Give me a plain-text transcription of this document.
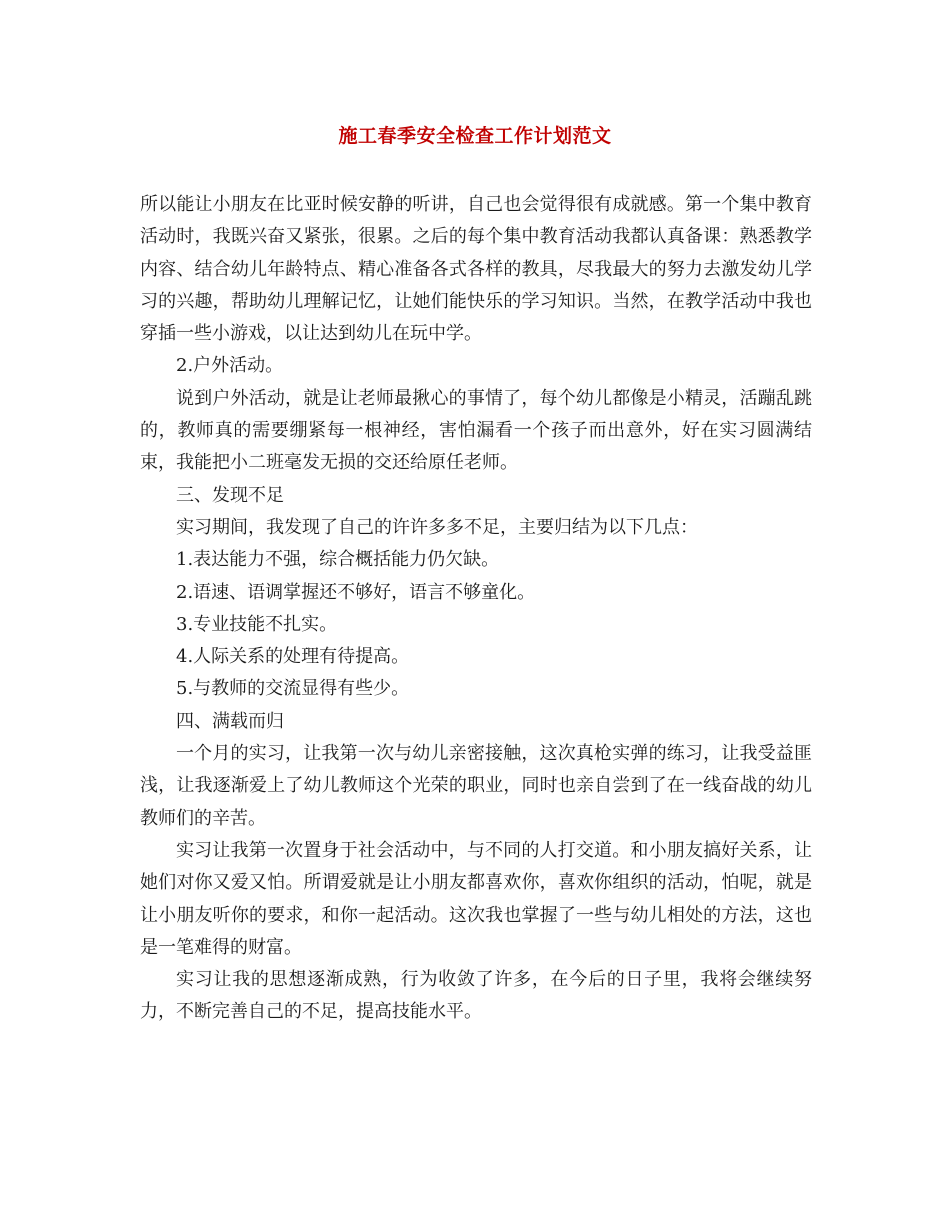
施工春季安全检查工作计划范文

所以能让小朋友在比亚时候安静的听讲，自己也会觉得很有成就感。第一个集中教育活动时，我既兴奋又紧张，很累。之后的每个集中教育活动我都认真备课：熟悉教学内容、结合幼儿年龄特点、精心准备各式各样的教具，尽我最大的努力去激发幼儿学习的兴趣，帮助幼儿理解记忆，让她们能快乐的学习知识。当然，在教学活动中我也穿插一些小游戏，以让达到幼儿在玩中学。

2.户外活动。

说到户外活动，就是让老师最揪心的事情了，每个幼儿都像是小精灵，活蹦乱跳的，教师真的需要绷紧每一根神经，害怕漏看一个孩子而出意外，好在实习圆满结束，我能把小二班毫发无损的交还给原任老师。

三、发现不足

实习期间，我发现了自己的许许多多不足，主要归结为以下几点：

1.表达能力不强，综合概括能力仍欠缺。

2.语速、语调掌握还不够好，语言不够童化。

3.专业技能不扎实。

4.人际关系的处理有待提高。

5.与教师的交流显得有些少。

四、满载而归

一个月的实习，让我第一次与幼儿亲密接触，这次真枪实弹的练习，让我受益匪浅，让我逐渐爱上了幼儿教师这个光荣的职业，同时也亲自尝到了在一线奋战的幼儿教师们的辛苦。

实习让我第一次置身于社会活动中，与不同的人打交道。和小朋友搞好关系，让她们对你又爱又怕。所谓爱就是让小朋友都喜欢你，喜欢你组织的活动，怕呢，就是让小朋友听你的要求，和你一起活动。这次我也掌握了一些与幼儿相处的方法，这也是一笔难得的财富。

实习让我的思想逐渐成熟，行为收敛了许多，在今后的日子里，我将会继续努力，不断完善自己的不足，提高技能水平。
